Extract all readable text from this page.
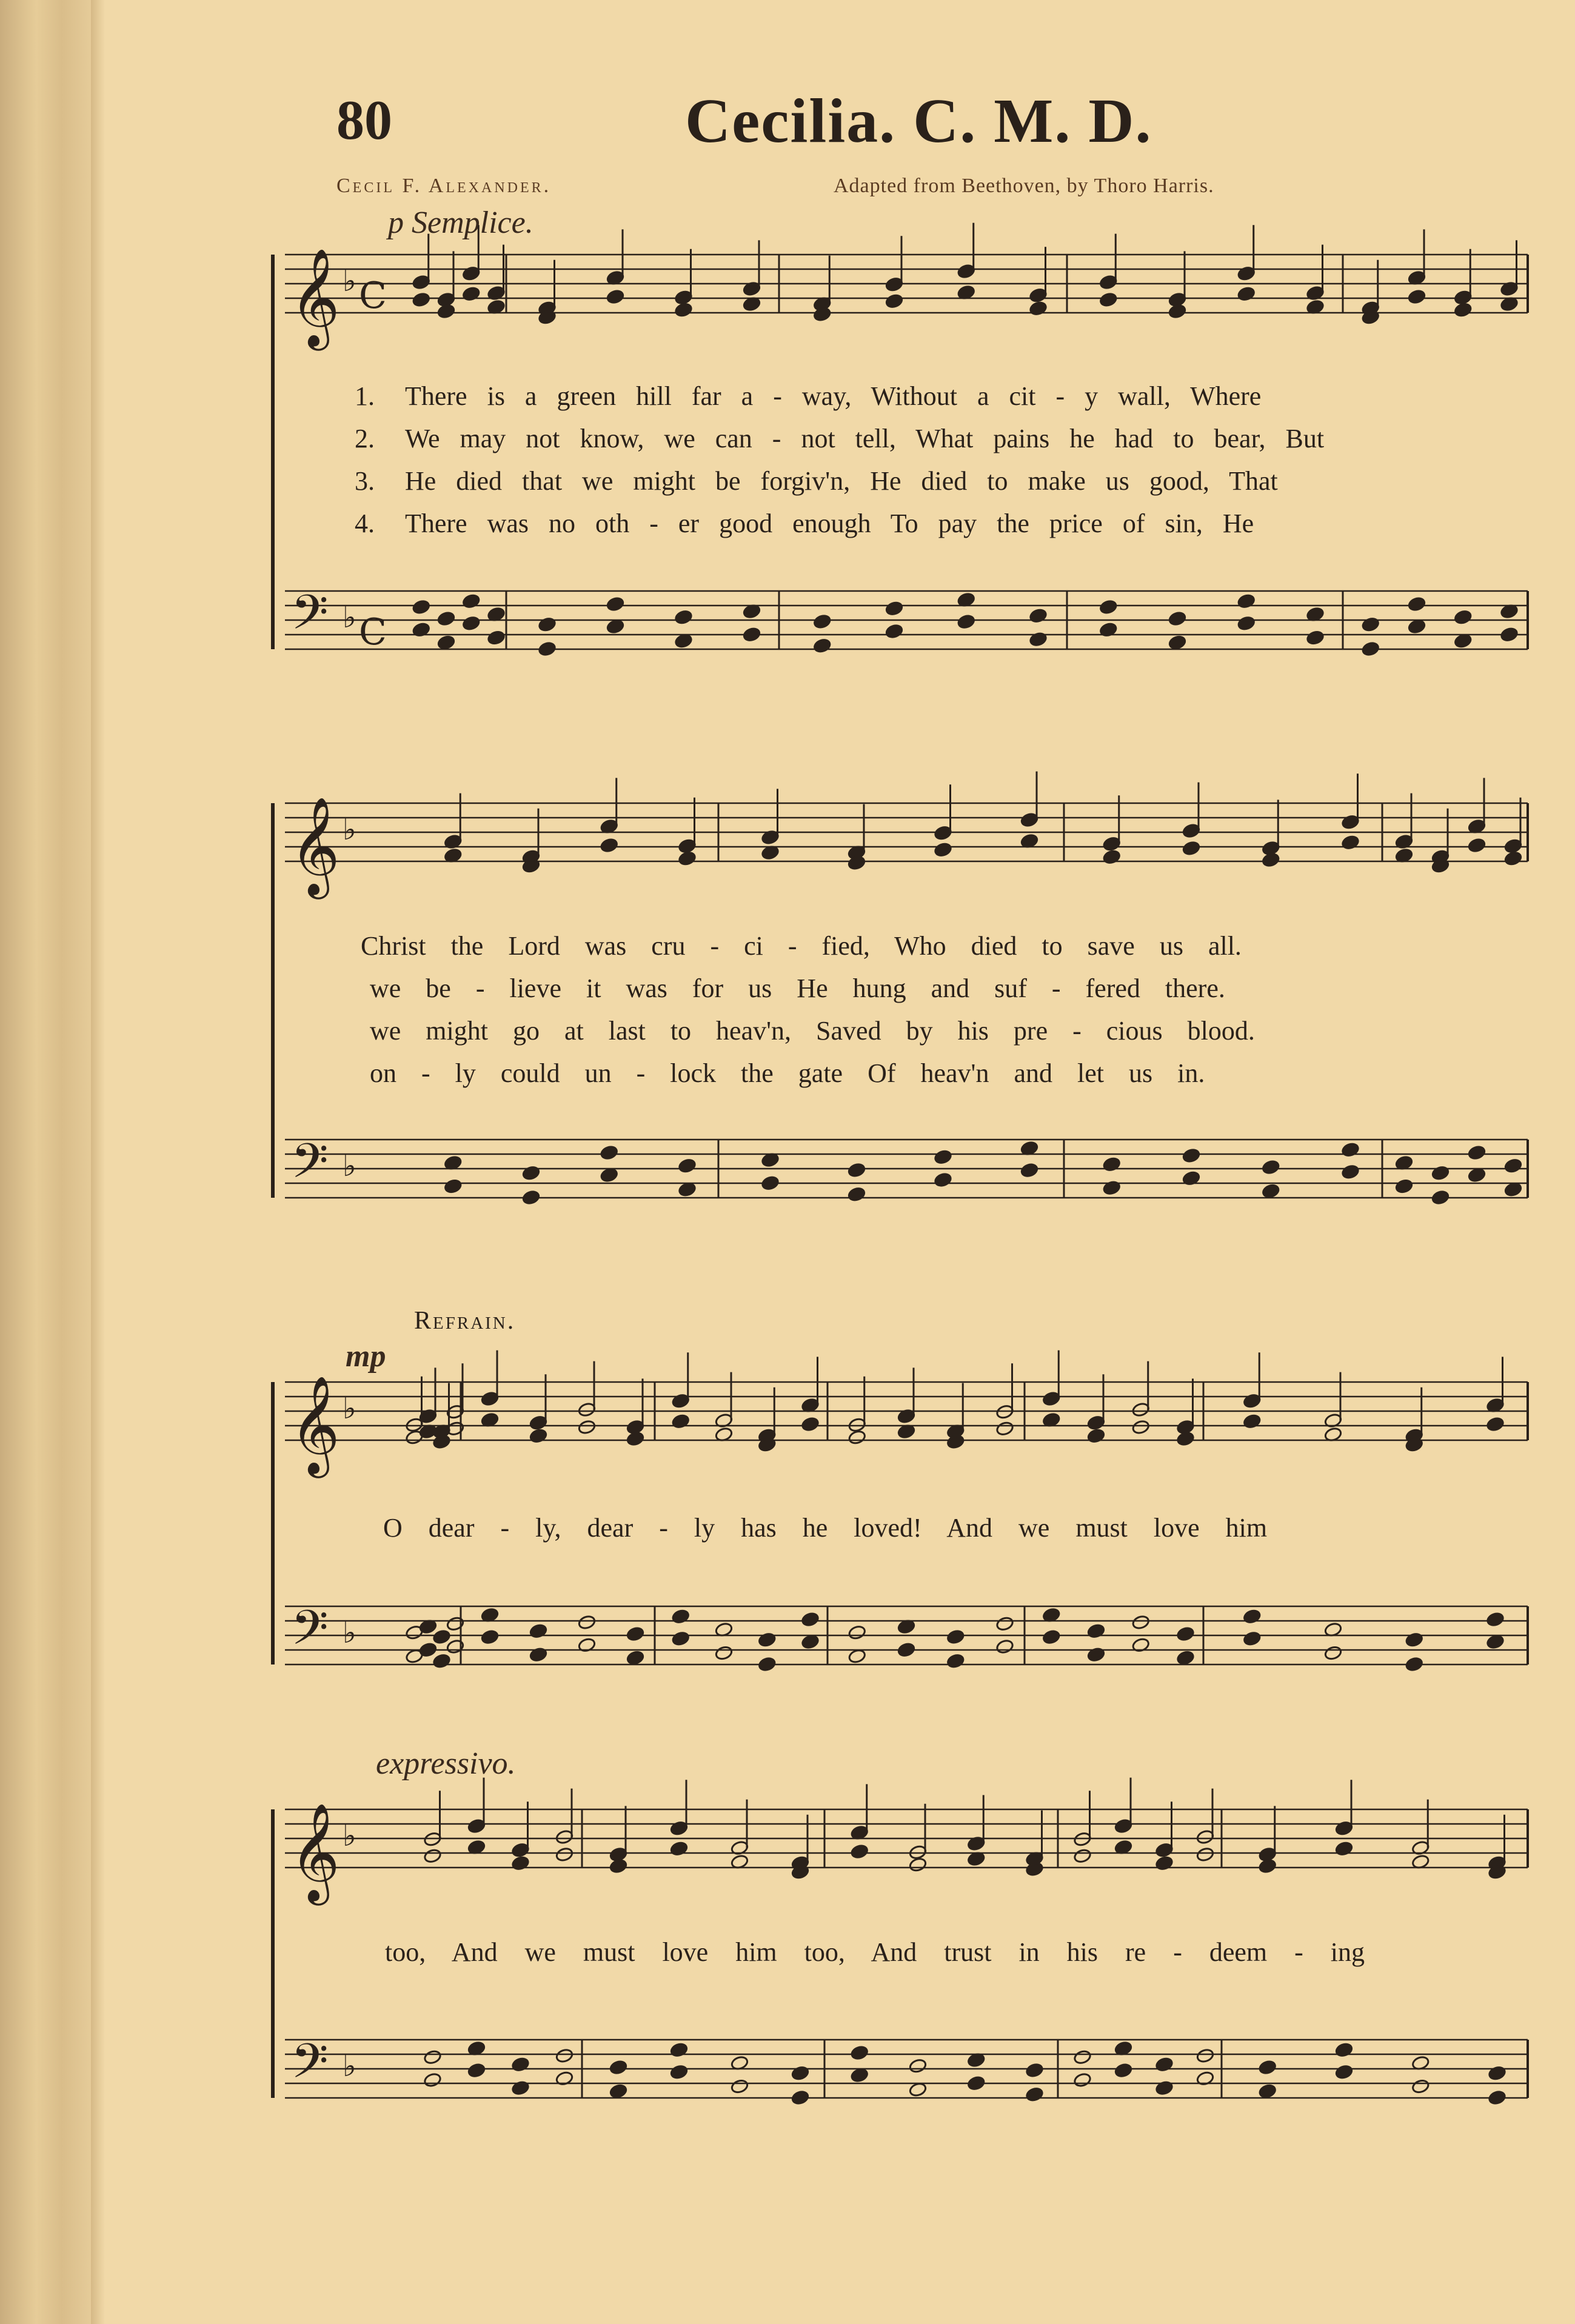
80	Cecilia. C. M. D.
Cecil F. Alexander.	Adapted from Beethoven, by Thoro Harris.
p Semplice.
Refrain.
mp
expressivo.
1.
2.
3.
4.
There is a green hill far a - way, Without a cit - y wall, Where
We may not know, we can - not tell, What pains he had to bear, But
He died that we might be forgiv'n, He died to make us good, That
There was no oth - er good enough To pay the price of sin, He
Christ the Lord was cru - ci - fied, Who died to save us all.
we be - lieve it was for us He hung and suf - fered there.
we might go at last to heav'n, Saved by his pre - cious blood.
on - ly could un - lock the gate Of heav'n and let us in.
O dear - ly, dear - ly has he loved! And we must love him
too, And we must love him too, And trust in his re - deem - ing
𝄞 ♭ C
𝄢 ♭ C
𝄞 ♭
𝄢 ♭
𝄞 ♭
𝄢 ♭
𝄞 ♭
𝄢 ♭
